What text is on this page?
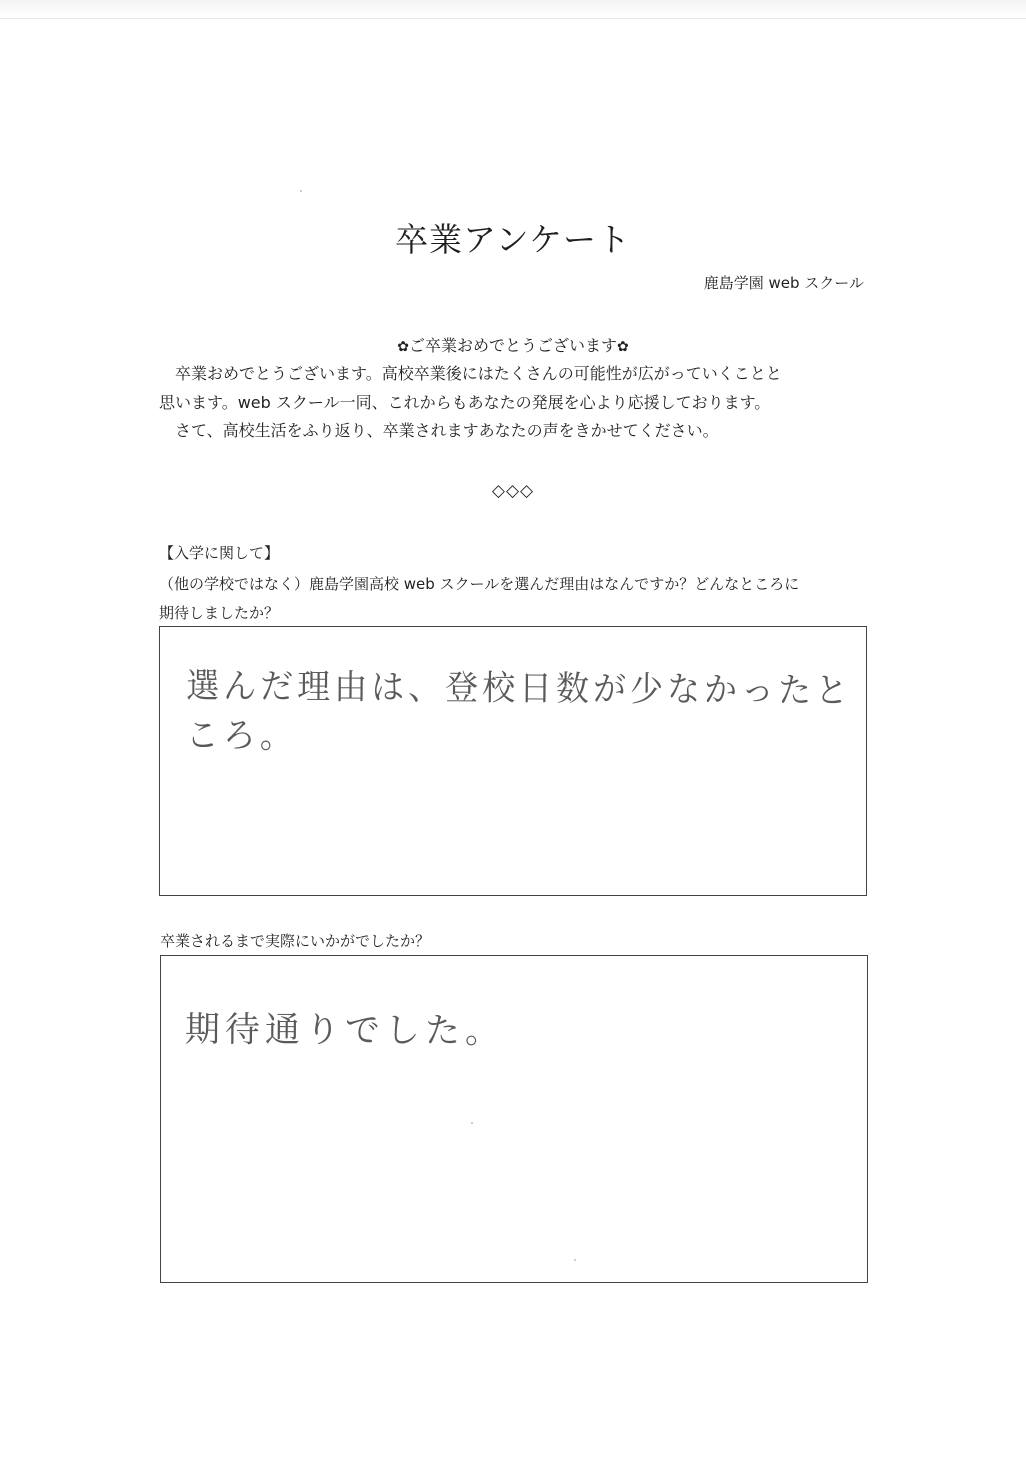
卒業アンケート
鹿島学園 web スクール
✿ご卒業おめでとうございます✿

卒業おめでとうございます。高校卒業後にはたくさんの可能性が広がっていくことと

思います。web スクール一同、これからもあなたの発展を心より応援しております。

さて、高校生活をふり返り、卒業されますあなたの声をきかせてください。

◇◇◇
【入学に関して】

（他の学校ではなく）鹿島学園高校 web スクールを選んだ理由はなんですか？どんなところに

期待しましたか？

選んだ理由は、登校日数が少なかったところ。
卒業されるまで実際にいかがでしたか？
期待通りでした。
